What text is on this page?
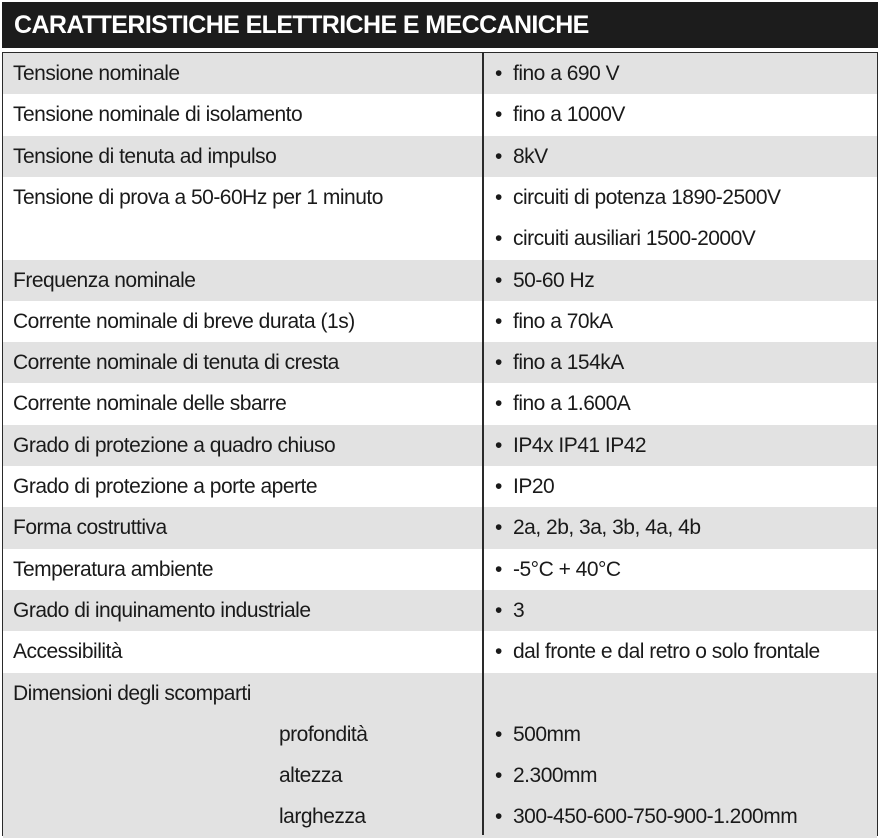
CARATTERISTICHE ELETTRICHE E MECCANICHE
Tensione nominale	• fino a 690 V
Tensione nominale di isolamento	• fino a 1000V
Tensione di tenuta ad impulso	• 8kV
Tensione di prova a 50-60Hz per 1 minuto	• circuiti di potenza 1890-2500V
• circuiti ausiliari 1500-2000V
Frequenza nominale	• 50-60 Hz
Corrente nominale di breve durata (1s)	• fino a 70kA
Corrente nominale di tenuta di cresta	• fino a 154kA
Corrente nominale delle sbarre	• fino a 1.600A
Grado di protezione a quadro chiuso	• IP4x IP41 IP42
Grado di protezione a porte aperte	• IP20
Forma costruttiva	• 2a, 2b, 3a, 3b, 4a, 4b
Temperatura ambiente	• -5°C + 40°C
Grado di inquinamento industriale	• 3
Accessibilità	• dal fronte e dal retro o solo frontale
Dimensioni degli scomparti
profondità	• 500mm
altezza	• 2.300mm
larghezza	• 300-450-600-750-900-1.200mm
